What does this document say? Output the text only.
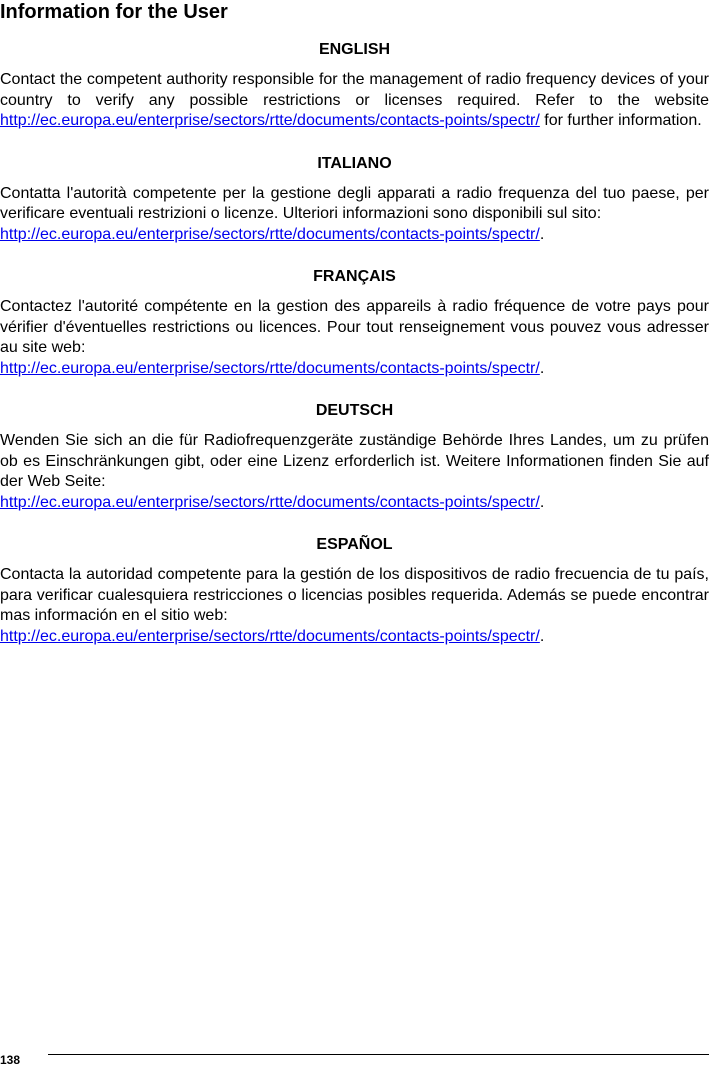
Information for the User
ENGLISH

Contact the competent authority responsible for the management of radio frequency devices of your country to verify any possible restrictions or licenses required. Refer to the website http://ec.europa.eu/enterprise/sectors/rtte/documents/contacts-points/spectr/ for further information.

ITALIANO

Contatta l'autorità competente per la gestione degli apparati a radio frequenza del tuo paese, per verificare eventuali restrizioni o licenze. Ulteriori informazioni sono disponibili sul sito:
http://ec.europa.eu/enterprise/sectors/rtte/documents/contacts-points/spectr/.

FRANÇAIS

Contactez l'autorité compétente en la gestion des appareils à radio fréquence de votre pays pour vérifier d'éventuelles restrictions ou licences. Pour tout renseignement vous pouvez vous adresser au site web:
http://ec.europa.eu/enterprise/sectors/rtte/documents/contacts-points/spectr/.

DEUTSCH

Wenden Sie sich an die für Radiofrequenzgeräte zuständige Behörde Ihres Landes, um zu prüfen ob es Einschränkungen gibt, oder eine Lizenz erforderlich ist. Weitere Informationen finden Sie auf der Web Seite:
http://ec.europa.eu/enterprise/sectors/rtte/documents/contacts-points/spectr/.

ESPAÑOL

Contacta la autoridad competente para la gestión de los dispositivos de radio frecuencia de tu país, para verificar cualesquiera restricciones o licencias posibles requerida. Además se puede encontrar mas información en el sitio web:
http://ec.europa.eu/enterprise/sectors/rtte/documents/contacts-points/spectr/.

138
